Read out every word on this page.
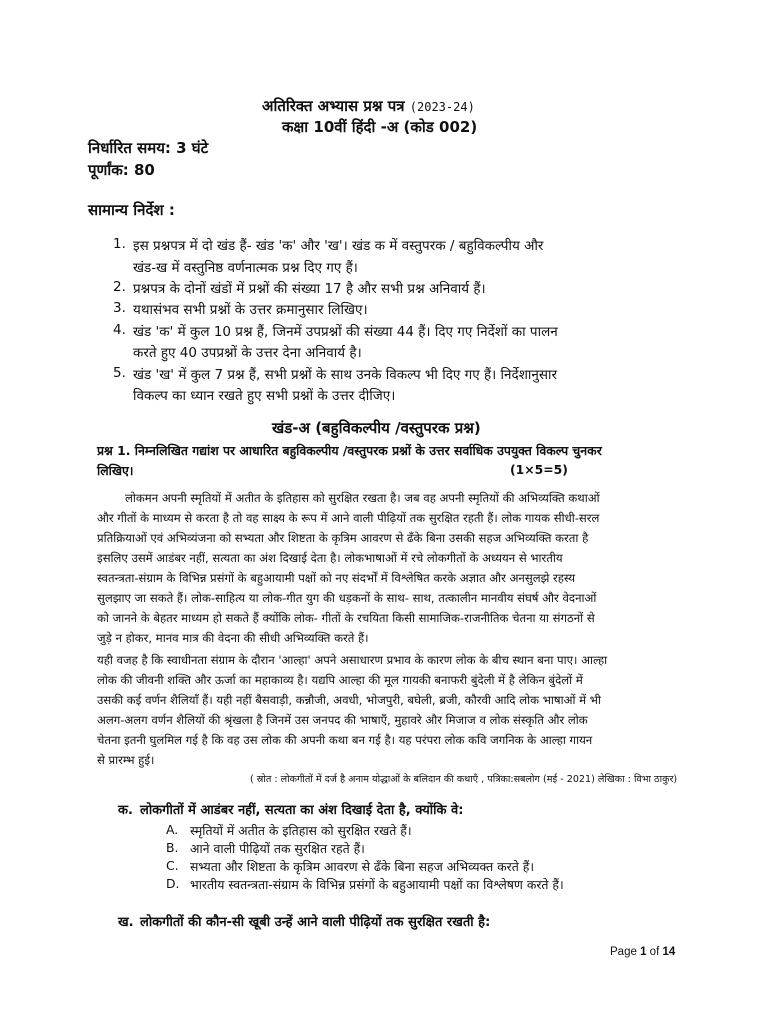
अतिरिक्त अभ्यास प्रश्न पत्र (2023-24)
कक्षा 10वीं हिंदी -अ (कोड 002)
निर्धारित समय: 3 घंटे
पूर्णांक: 80
सामान्य निर्देश :
1. इस प्रश्नपत्र में दो खंड हैं- खंड 'क' और 'ख'। खंड क में वस्तुपरक / बहुविकल्पीय और
खंड-ख में वस्तुनिष्ठ वर्णनात्मक प्रश्न दिए गए हैं।
2. प्रश्नपत्र के दोनों खंडों में प्रश्नों की संख्या 17 है और सभी प्रश्न अनिवार्य हैं।
3. यथासंभव सभी प्रश्नों के उत्तर क्रमानुसार लिखिए।
4. खंड 'क' में कुल 10 प्रश्न हैं, जिनमें उपप्रश्नों की संख्या 44 हैं। दिए गए निर्देशों का पालन
करते हुए 40 उपप्रश्नों के उत्तर देना अनिवार्य है।
5. खंड 'ख' में कुल 7 प्रश्न हैं, सभी प्रश्नों के साथ उनके विकल्प भी दिए गए हैं। निर्देशानुसार
विकल्प का ध्यान रखते हुए सभी प्रश्नों के उत्तर दीजिए।
खंड-अ (बहुविकल्पीय /वस्तुपरक प्रश्न)
प्रश्न 1. निम्नलिखित गद्यांश पर आधारित बहुविकल्पीय /वस्तुपरक प्रश्नों के उत्तर सर्वाधिक उपयुक्त विकल्प चुनकर
लिखिए।	(1×5=5)
लोकमन अपनी स्मृतियों में अतीत के इतिहास को सुरक्षित रखता है। जब वह अपनी स्मृतियों की अभिव्यक्ति कथाओं
और गीतों के माध्यम से करता है तो वह साक्ष्य के रूप में आने वाली पीढ़ियों तक सुरक्षित रहती हैं। लोक गायक सीधी-सरल
प्रतिक्रियाओं एवं अभिव्यंजना को सभ्यता और शिष्टता के कृत्रिम आवरण से ढँके बिना उसकी सहज अभिव्यक्ति करता है
इसलिए उसमें आडंबर नहीं, सत्यता का अंश दिखाई देता है। लोकभाषाओं में रचे लोकगीतों के अध्ययन से भारतीय
स्वतन्त्रता-संग्राम के विभिन्न प्रसंगों के बहुआयामी पक्षों को नए संदर्भों में विश्लेषित करके अज्ञात और अनसुलझे रहस्य
सुलझाए जा सकते हैं। लोक-साहित्य या लोक-गीत युग की धड़कनों के साथ- साथ, तत्कालीन मानवीय संघर्ष और वेदनाओं
को जानने के बेहतर माध्यम हो सकते हैं क्योंकि लोक- गीतों के रचयिता किसी सामाजिक-राजनीतिक चेतना या संगठनों से
जुड़े न होकर, मानव मात्र की वेदना की सीधी अभिव्यक्ति करते हैं।
यही वजह है कि स्वाधीनता संग्राम के दौरान 'आल्हा' अपने असाधारण प्रभाव के कारण लोक के बीच स्थान बना पाए। आल्हा
लोक की जीवनी शक्ति और ऊर्जा का महाकाव्य है। यद्यपि आल्हा की मूल गायकी बनाफरी बुंदेली में है लेकिन बुंदेलों में
उसकी कई वर्णन शैलियाँ हैं। यही नहीं बैसवाड़ी, कन्नौजी, अवधी, भोजपुरी, बघेली, ब्रजी, कौरवी आदि लोक भाषाओं में भी
अलग-अलग वर्णन शैलियों की श्रृंखला है जिनमें उस जनपद की भाषाएँ, मुहावरे और मिजाज व लोक संस्कृति और लोक
चेतना इतनी घुलमिल गई है कि वह उस लोक की अपनी कथा बन गई है। यह परंपरा लोक कवि जगनिक के आल्हा गायन
से प्रारम्भ हुई।
( स्रोत : लोकगीतों में दर्ज है अनाम योद्धाओं के बलिदान की कथाएँ , पत्रिका:सबलोग (मई - 2021) लेखिका : विभा ठाकुर)
क. लोकगीतों में आडंबर नहीं, सत्यता का अंश दिखाई देता है, क्योंकि वे:
A. स्मृतियों में अतीत के इतिहास को सुरक्षित रखते हैं।
B. आने वाली पीढ़ियों तक सुरक्षित रहते हैं।
C. सभ्यता और शिष्टता के कृत्रिम आवरण से ढँके बिना सहज अभिव्यक्त करते हैं।
D. भारतीय स्वतन्त्रता-संग्राम के विभिन्न प्रसंगों के बहुआयामी पक्षों का विश्लेषण करते हैं।
ख. लोकगीतों की कौन-सी खूबी उन्हें आने वाली पीढ़ियों तक सुरक्षित रखती है:
Page 1 of 14
